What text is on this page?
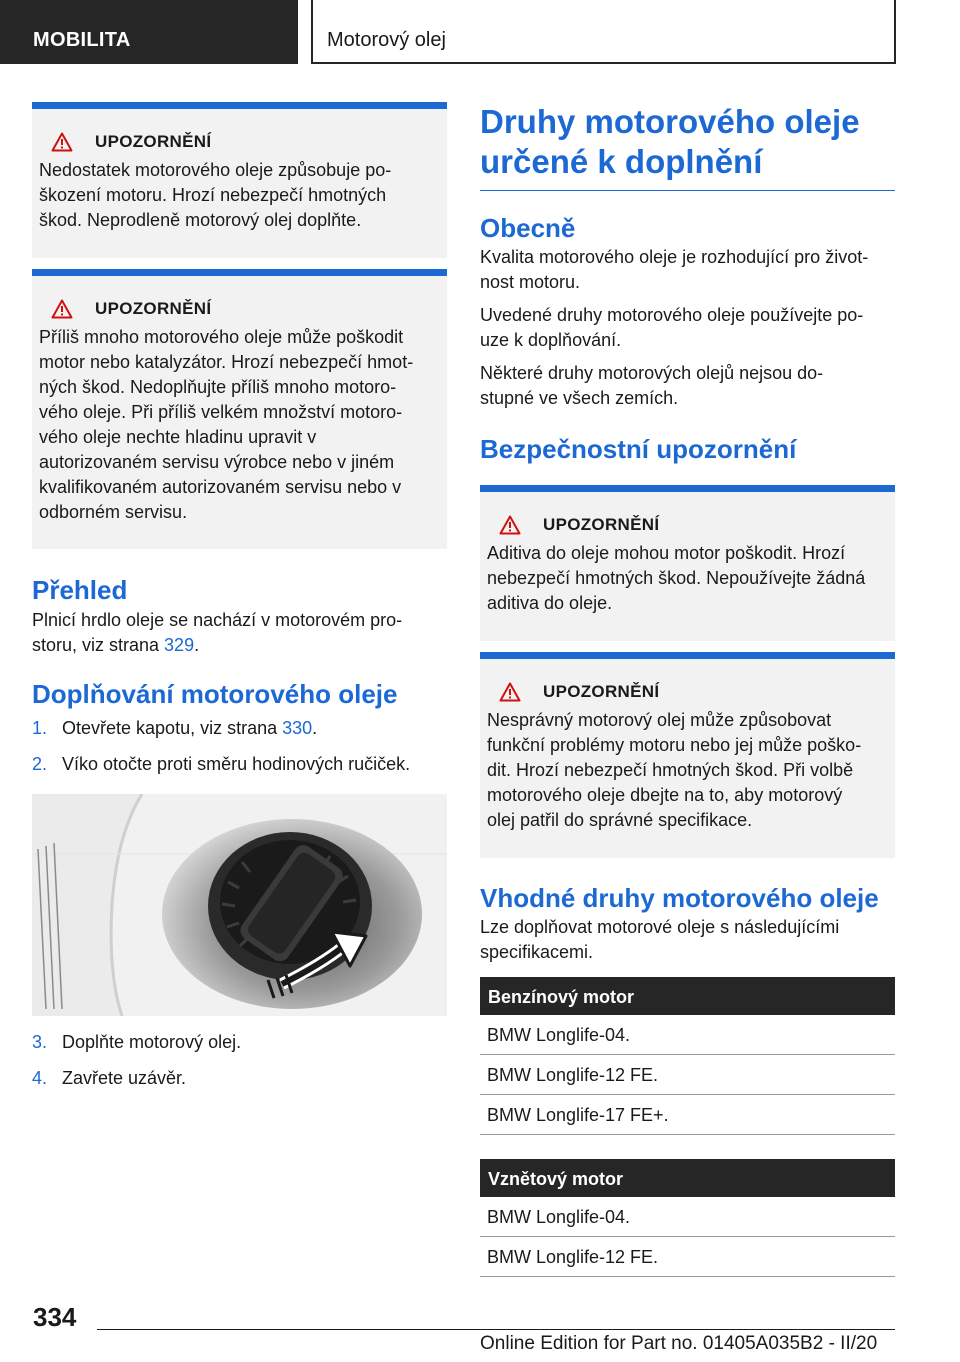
MOBILITA	Motorový olej
UPOZORNĚNÍ

Nedostatek motorového oleje způsobuje po-

škození motoru. Hrozí nebezpečí hmotných

škod. Neprodleně motorový olej doplňte.

UPOZORNĚNÍ

Příliš mnoho motorového oleje může poškodit

motor nebo katalyzátor. Hrozí nebezpečí hmot-

ných škod. Nedoplňujte příliš mnoho motoro-

vého oleje. Při příliš velkém množství motoro-

vého oleje nechte hladinu upravit v

autorizovaném servisu výrobce nebo v jiném

kvalifikovaném autorizovaném servisu nebo v

odborném servisu.

Přehled
Plnicí hrdlo oleje se nachází v motorovém pro-
storu, viz strana 329.
Doplňování motorového oleje
1. Otevřete kapotu, viz strana 330.
2. Víko otočte proti směru hodinových ručiček.
3. Doplňte motorový olej.
4. Zavřete uzávěr.
Druhy motorového oleje
určené k doplnění
Obecně
Kvalita motorového oleje je rozhodující pro život-
nost motoru.
Uvedené druhy motorového oleje používejte po-
uze k doplňování.
Některé druhy motorových olejů nejsou do-
stupné ve všech zemích.
Bezpečnostní upozornění
UPOZORNĚNÍ

Aditiva do oleje mohou motor poškodit. Hrozí

nebezpečí hmotných škod. Nepoužívejte žádná

aditiva do oleje.

UPOZORNĚNÍ

Nesprávný motorový olej může způsobovat

funkční problémy motoru nebo jej může poško-

dit. Hrozí nebezpečí hmotných škod. Při volbě

motorového oleje dbejte na to, aby motorový

olej patřil do správné specifikace.

Vhodné druhy motorového oleje
Lze doplňovat motorové oleje s následujícími
specifikacemi.
Benzínový motor
BMW Longlife-04.
BMW Longlife-12 FE.
BMW Longlife-17 FE+.
Vznětový motor
BMW Longlife-04.
BMW Longlife-12 FE.
334
Online Edition for Part no. 01405A035B2 - II/20
